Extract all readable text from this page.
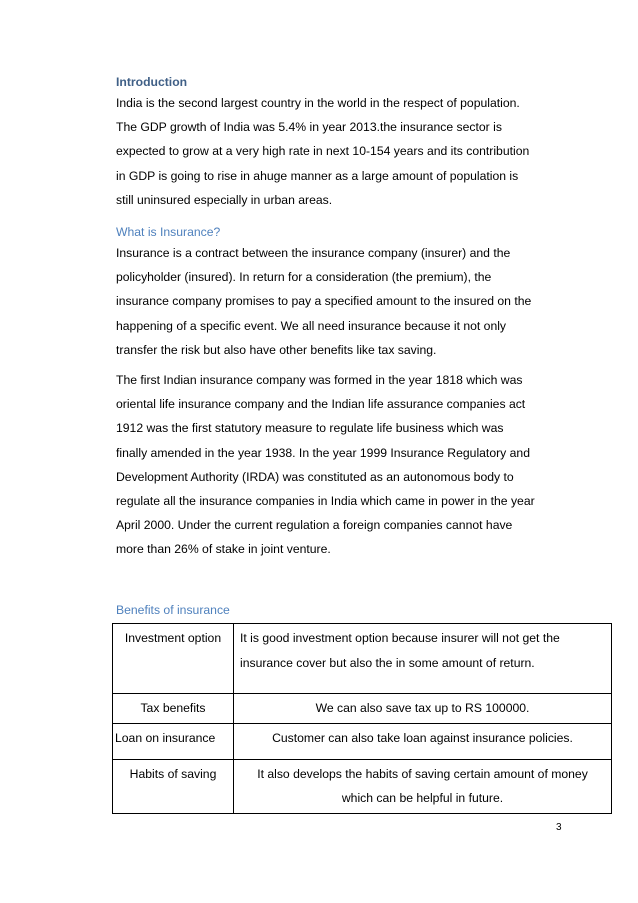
Introduction
India is the second largest country in the world in the respect of population.
The GDP growth of India was 5.4% in year 2013.the insurance sector is
expected to grow at a very high rate in next 10-154 years and its contribution
in GDP is going to rise in ahuge manner as a large amount of population is
still uninsured especially in urban areas.
What is Insurance?
Insurance is a contract between the insurance company (insurer) and the
policyholder (insured). In return for a consideration (the premium), the
insurance company promises to pay a specified amount to the insured on the
happening of a specific event. We all need insurance because it not only
transfer the risk but also have other benefits like tax saving.
The first Indian insurance company was formed in the year 1818 which was
oriental life insurance company and the Indian life assurance companies act
1912 was the first statutory measure to regulate life business which was
finally amended in the year 1938. In the year 1999 Insurance Regulatory and
Development Authority (IRDA) was constituted as an autonomous body to
regulate all the insurance companies in India which came in power in the year
April 2000. Under the current regulation a foreign companies cannot have
more than 26% of stake in joint venture.
Benefits of insurance
Investment option	It is good investment option because insurer will not get the
insurance cover but also the in some amount of return.

Tax benefits	We can also save tax up to RS 100000.

Loan on insurance	Customer can also take loan against insurance policies.

Habits of saving	It also develops the habits of saving certain amount of money
which can be helpful in future.
3
